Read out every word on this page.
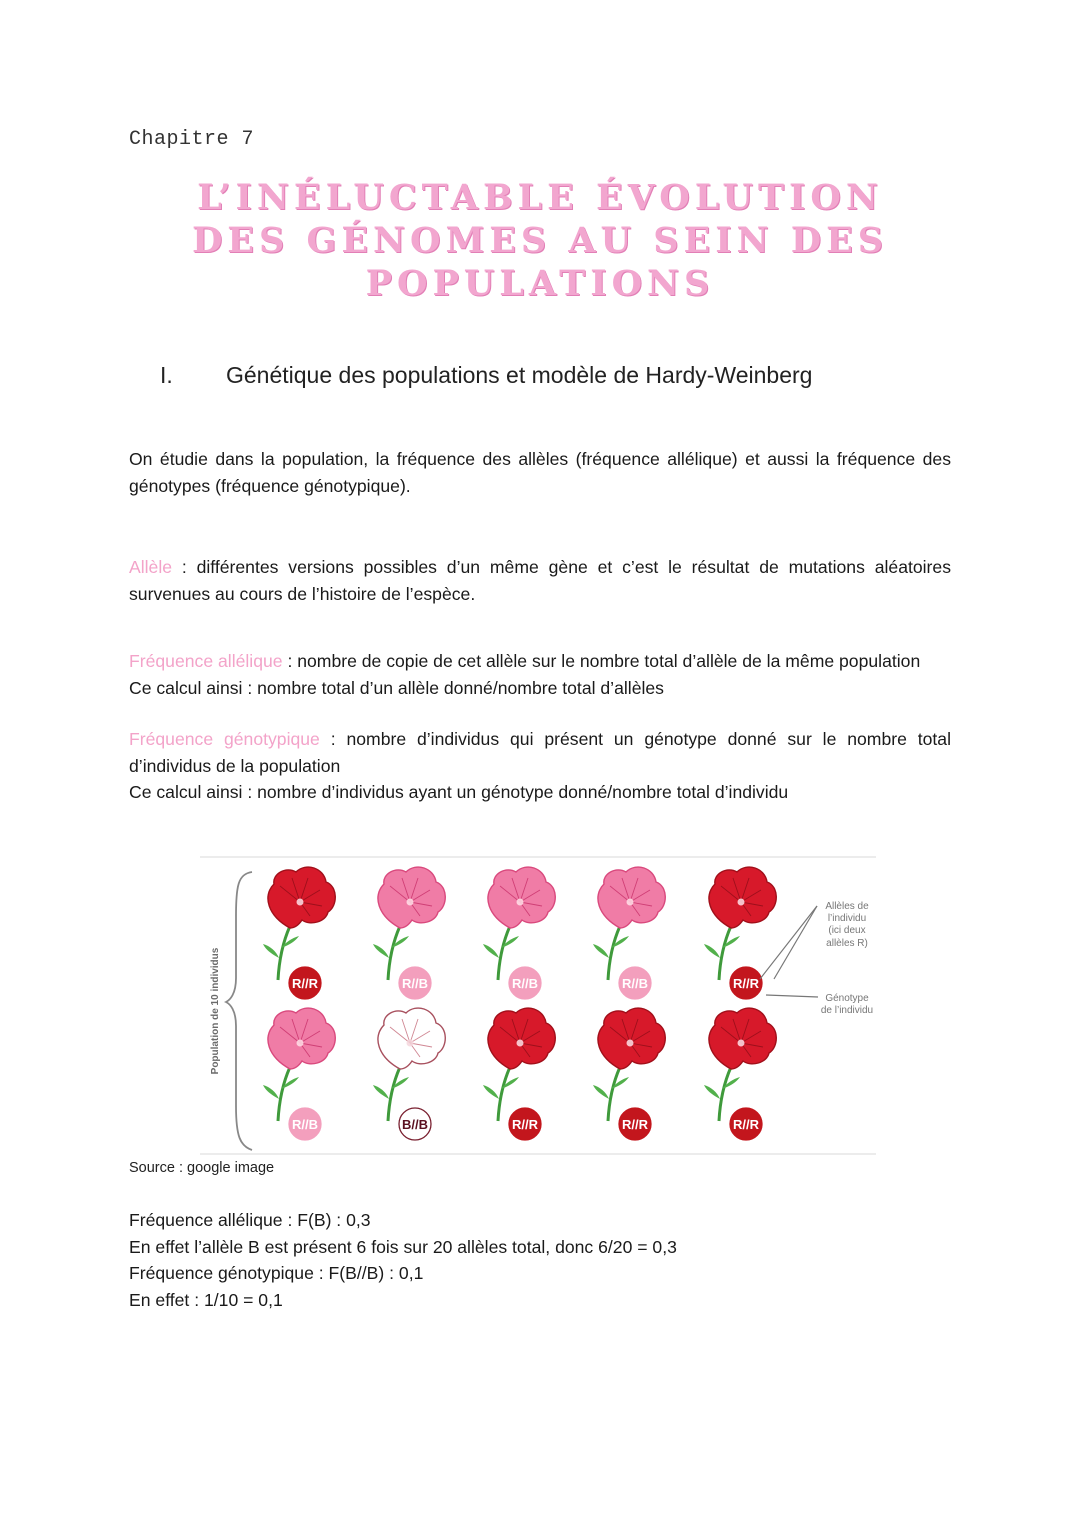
Chapitre 7
L’INÉLUCTABLE ÉVOLUTION
DES GÉNOMES AU SEIN DES
POPULATIONS
I. Génétique des populations et modèle de Hardy-Weinberg
On étudie dans la population, la fréquence des allèles (fréquence allélique) et aussi la fréquence des génotypes (fréquence génotypique).
Allèle : différentes versions possibles d’un même gène et c’est le résultat de mutations aléatoires survenues au cours de l’histoire de l’espèce.
Fréquence allélique : nombre de copie de cet allèle sur le nombre total d’allèle de la même population
Ce calcul ainsi : nombre total d’un allèle donné/nombre total d’allèles
Fréquence génotypique : nombre d’individus qui présent un génotype donné sur le nombre total d’individus de la population
Ce calcul ainsi : nombre d’individus ayant un génotype donné/nombre total d’individu
Population de 10 individus	R//R	R//B	R//B	R//B	R//R
R//B	B//B	R//R	R//R	R//R
Allèles de
l’individu
(ici deux
allèles R)
Génotype
de l’individu
Source : google image
Fréquence allélique : F(B) : 0,3
En effet l’allèle B est présent 6 fois sur 20 allèles total, donc 6/20 = 0,3
Fréquence génotypique : F(B//B) : 0,1
En effet : 1/10 = 0,1
